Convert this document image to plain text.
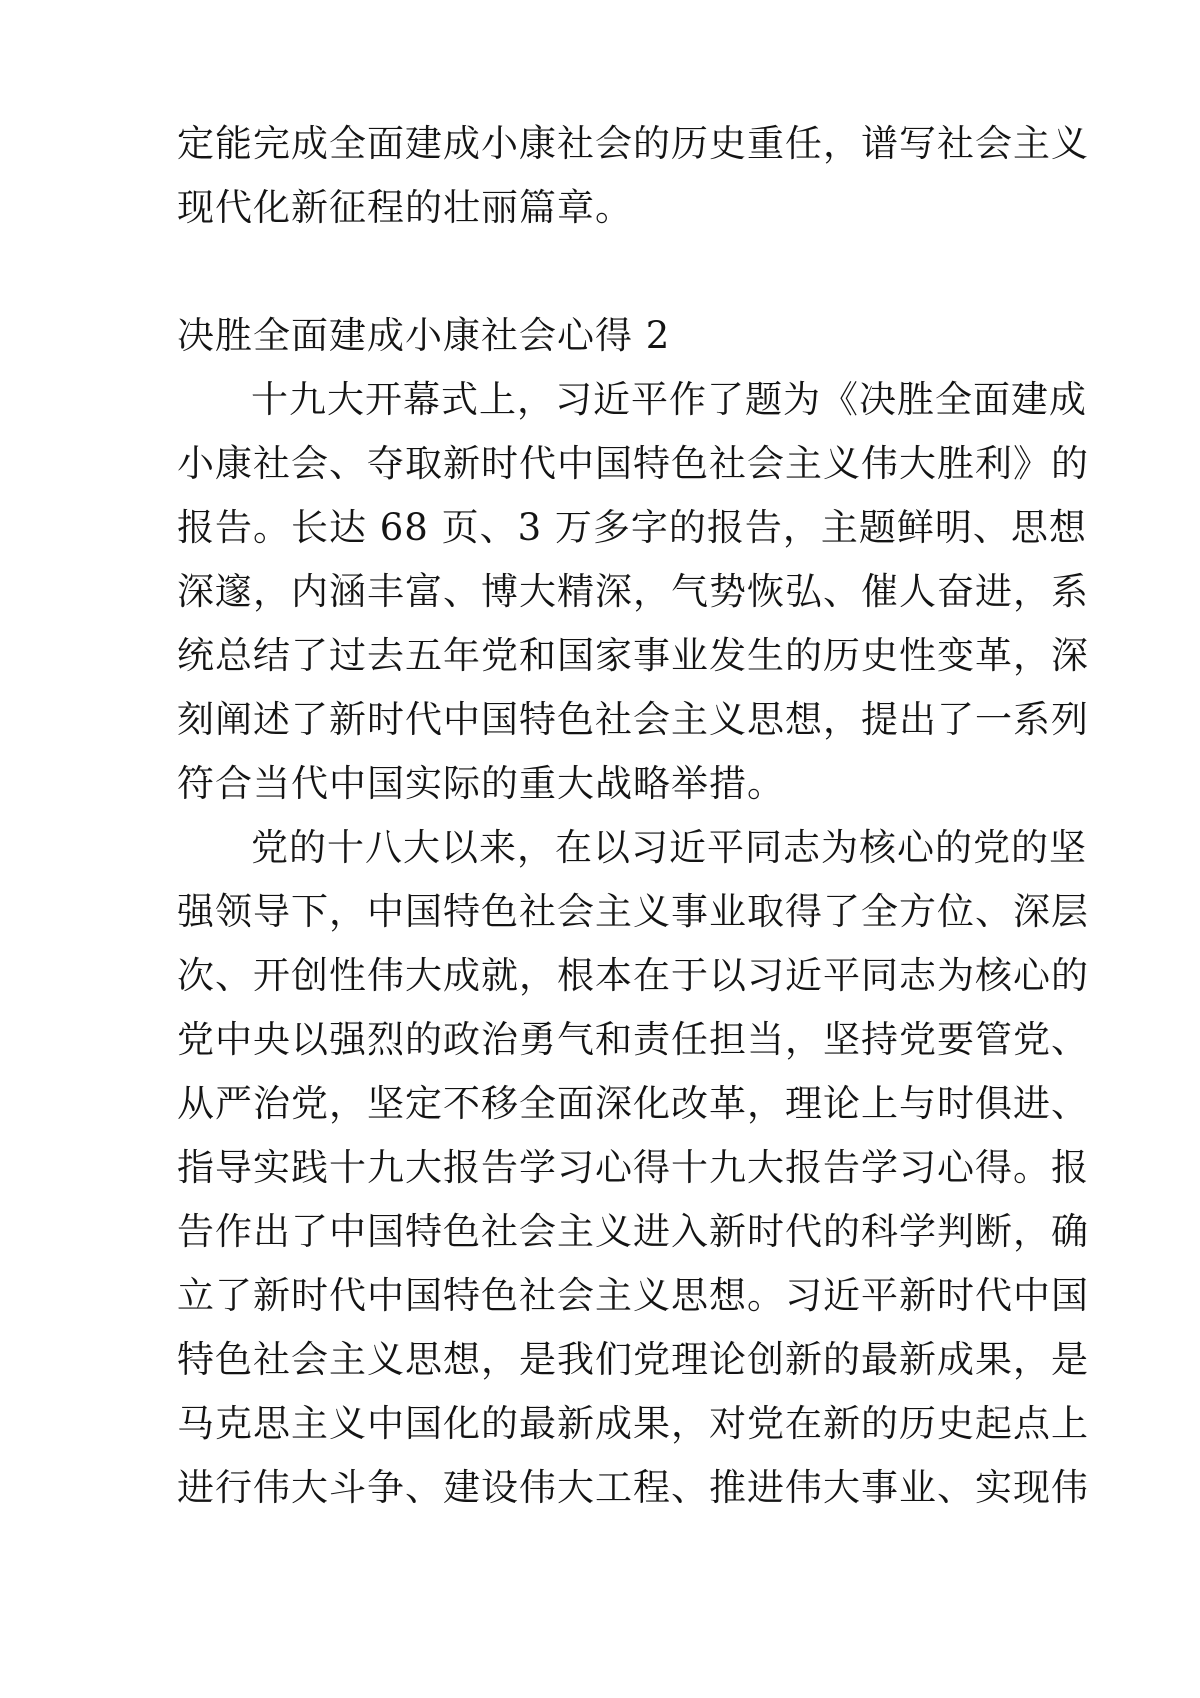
定能完成全面建成小康社会的历史重任，谱写社会主义
现代化新征程的壮丽篇章。
决胜全面建成小康社会心得 2
十九大开幕式上，习近平作了题为《决胜全面建成
小康社会、夺取新时代中国特色社会主义伟大胜利》的
报告。长达 68 页、3 万多字的报告，主题鲜明、思想
深邃，内涵丰富、博大精深，气势恢弘、催人奋进，系
统总结了过去五年党和国家事业发生的历史性变革，深
刻阐述了新时代中国特色社会主义思想，提出了一系列
符合当代中国实际的重大战略举措。
党的十八大以来，在以习近平同志为核心的党的坚
强领导下，中国特色社会主义事业取得了全方位、深层
次、开创性伟大成就，根本在于以习近平同志为核心的
党中央以强烈的政治勇气和责任担当，坚持党要管党、
从严治党，坚定不移全面深化改革，理论上与时俱进、
指导实践十九大报告学习心得十九大报告学习心得。报
告作出了中国特色社会主义进入新时代的科学判断，确
立了新时代中国特色社会主义思想。习近平新时代中国
特色社会主义思想，是我们党理论创新的最新成果，是
马克思主义中国化的最新成果，对党在新的历史起点上
进行伟大斗争、建设伟大工程、推进伟大事业、实现伟
